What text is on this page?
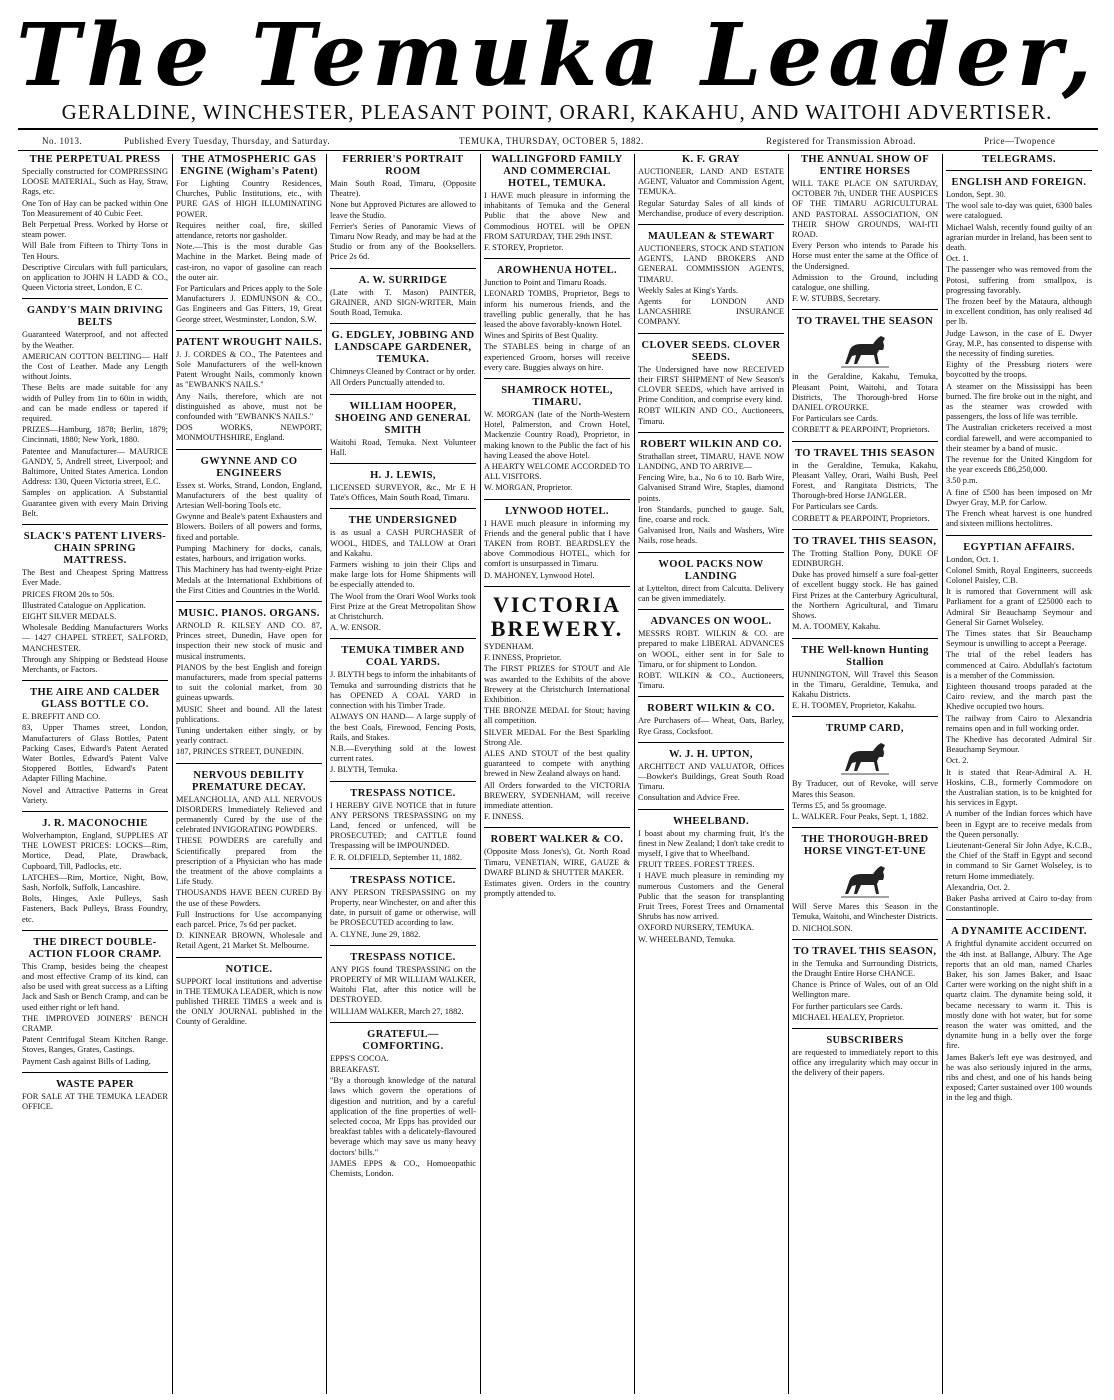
The Temuka Leader,
GERALDINE, WINCHESTER, PLEASANT POINT, ORARI, KAKAHU, AND WAITOHI ADVERTISER.
No. 1013.	Published Every Tuesday, Thursday, and Saturday.	TEMUKA, THURSDAY, OCTOBER 5, 1882.	Registered for Transmission Abroad.	Price—Twopence
THE PERPETUAL PRESS

Specially constructed for COMPRESSING LOOSE MATERIAL, Such as Hay, Straw, Rags, etc.

One Ton of Hay can be packed within One Ton Measurement of 40 Cubic Feet.

Belt Perpetual Press. Worked by Horse or steam power.

Will Bale from Fifteen to Thirty Tons in Ten Hours.

Descriptive Circulars with full particulars, on application to JOHN H LADD & CO., Queen Victoria street, London, E C.

GANDY'S MAIN DRIVING BELTS

Guaranteed Waterproof, and not affected by the Weather.

AMERICAN COTTON BELTING— Half the Cost of Leather. Made any Length without Joints.

These Belts are made suitable for any width of Pulley from 1in to 60in in width, and can be made endless or tapered if required.

PRIZES—Hamburg, 1878; Berlin, 1879; Cincinnati, 1880; New York, 1880.

Patentee and Manufacturer— MAURICE GANDY, 5, Andrell street, Liverpool; and Baltimore, United States America. London Address: 130, Queen Victoria street, E.C.

Samples on application. A Substantial Guarantee given with every Main Driving Belt.

SLACK'S PATENT LIVERS-CHAIN SPRING MATTRESS.

The Best and Cheapest Spring Mattress Ever Made.

PRICES FROM 20s to 50s.

Illustrated Catalogue on Application.

EIGHT SILVER MEDALS.

Wholesale Bedding Manufacturers Works— 1427 CHAPEL STREET, SALFORD, MANCHESTER.

Through any Shipping or Bedstead House Merchants, or Factors.

THE AIRE AND CALDER GLASS BOTTLE CO.

E. BREFFIT AND CO.

83, Upper Thames street, London, Manufacturers of Glass Bottles, Patent Packing Cases, Edward's Patent Aerated Water Bottles, Edward's Patent Valve Stoppered Bottles, Edward's Patent Adapter Filling Machine.

Novel and Attractive Patterns in Great Variety.

J. R. MACONOCHIE

Wolverhampton, England, SUPPLIES AT THE LOWEST PRICES: LOCKS—Rim, Mortice, Dead, Plate, Drawback, Cupboard, Till, Padlocks, etc.

LATCHES—Rim, Mortice, Night, Bow, Sash, Norfolk, Suffolk, Lancashire.

Bolts, Hinges, Axle Pulleys, Sash Fasteners, Back Pulleys, Brass Foundry, etc.

THE DIRECT DOUBLE-ACTION FLOOR CRAMP.

This Cramp, besides being the cheapest and most effective Cramp of its kind, can also be used with great success as a Lifting Jack and Sash or Bench Cramp, and can be used either right or left hand.

THE IMPROVED JOINERS' BENCH CRAMP.

Patent Centrifugal Steam Kitchen Range. Stoves, Ranges, Grates, Castings.

Payment Cash against Bills of Lading.

WASTE PAPER

FOR SALE AT THE TEMUKA LEADER OFFICE.

THE ATMOSPHERIC GAS ENGINE (Wigham's Patent)

For Lighting Country Residences, Churches, Public Institutions, etc., with PURE GAS of HIGH ILLUMINATING POWER.

Requires neither coal, fire, skilled attendance, retorts nor gasholder.

Note.—This is the most durable Gas Machine in the Market. Being made of cast-iron, no vapor of gasoline can reach the outer air.

For Particulars and Prices apply to the Sole Manufacturers J. EDMUNSON & CO., Gas Engineers and Gas Fitters, 19, Great George street, Westminster, London, S.W.

PATENT WROUGHT NAILS.

J. J. CORDES & CO., The Patentees and Sole Manufacturers of the well-known Patent Wrought Nails, commonly known as "EWBANK'S NAILS."

Any Nails, therefore, which are not distinguished as above, must not be confounded with "EWBANK'S NAILS."

DOS WORKS, NEWPORT, MONMOUTHSHIRE, England.

GWYNNE AND CO ENGINEERS

Essex st. Works, Strand, London, England, Manufacturers of the best quality of Artesian Well-boring Tools etc.

Gwynne and Beale's patent Exhausters and Blowers. Boilers of all powers and forms, fixed and portable.

Pumping Machinery for docks, canals, estates, harbours, and irrigation works.

This Machinery has had twenty-eight Prize Medals at the International Exhibitions of the First Cities and Countries in the World.

MUSIC. PIANOS. ORGANS.

ARNOLD R. KILSEY AND CO. 87, Princes street, Dunedin, Have open for inspection their new stock of music and musical instruments.

PIANOS by the best English and foreign manufacturers, made from special patterns to suit the colonial market, from 30 guineas upwards.

MUSIC Sheet and bound. All the latest publications.

Tuning undertaken either singly, or by yearly contract.

187, PRINCES STREET, DUNEDIN.

NERVOUS DEBILITY PREMATURE DECAY.

MELANCHOLIA, AND ALL NERVOUS DISORDERS Immediately Relieved and permanently Cured by the use of the celebrated INVIGORATING POWDERS.

THESE POWDERS are carefully and Scientifically prepared from the prescription of a Physician who has made the treatment of the above complaints a Life Study.

THOUSANDS HAVE BEEN CURED By the use of these Powders.

Full Instructions for Use accompanying each parcel. Price, 7s 6d per packet.

D. KINNEAR BROWN, Wholesale and Retail Agent, 21 Market St. Melbourne.

NOTICE.

SUPPORT local institutions and advertise in THE TEMUKA LEADER, which is now published THREE TIMES a week and is the ONLY JOURNAL published in the County of Geraldine.

FERRIER'S PORTRAIT ROOM

Main South Road, Timaru, (Opposite Theatre).

None but Approved Pictures are allowed to leave the Studio.

Ferrier's Series of Panoramic Views of Timaru Now Ready, and may be had at the Studio or from any of the Booksellers. Price 2s 6d.

A. W. SURRIDGE

(Late with T. Mason) PAINTER, GRAINER, AND SIGN-WRITER, Main South Road, Temuka.

G. EDGLEY, JOBBING AND LANDSCAPE GARDENER, TEMUKA.

Chimneys Cleaned by Contract or by order.

All Orders Punctually attended to.

WILLIAM HOOPER, SHOEING AND GENERAL SMITH

Waitohi Road, Temuka. Next Volunteer Hall.

H. J. LEWIS,

LICENSED SURVEYOR, &c., Mr E H Tate's Offices, Main South Road, Timaru.

THE UNDERSIGNED

is as usual a CASH PURCHASER of WOOL, HIDES, and TALLOW at Orari and Kakahu.

Farmers wishing to join their Clips and make large lots for Home Shipments will be especially attended to.

The Wool from the Orari Wool Works took First Prize at the Great Metropolitan Show at Christchurch.

A. W. ENSOR.

TEMUKA TIMBER AND COAL YARDS.

J. BLYTH begs to inform the inhabitants of Temuka and surrounding districts that he has OPENED A COAL YARD in connection with his Timber Trade.

ALWAYS ON HAND— A large supply of the best Coals, Firewood, Fencing Posts, Rails, and Stakes.

N.B.—Everything sold at the lowest current rates.

J. BLYTH, Temuka.

TRESPASS NOTICE.

I HEREBY GIVE NOTICE that in future ANY PERSONS TRESPASSING on my Land, fenced or unfenced, will be PROSECUTED; and CATTLE found Trespassing will be IMPOUNDED.

F. R. OLDFIELD, September 11, 1882.

TRESPASS NOTICE.

ANY PERSON TRESPASSING on my Property, near Winchester, on and after this date, in pursuit of game or otherwise, will be PROSECUTED according to law.

A. CLYNE, June 29, 1882.

TRESPASS NOTICE.

ANY PIGS found TRESPASSING on the PROPERTY of MR WILLIAM WALKER, Waitohi Flat, after this notice will be DESTROYED.

WILLIAM WALKER, March 27, 1882.

GRATEFUL—COMFORTING.

EPPS'S COCOA.

BREAKFAST.

"By a thorough knowledge of the natural laws which govern the operations of digestion and nutrition, and by a careful application of the fine properties of well-selected cocoa, Mr Epps has provided our breakfast tables with a delicately-flavoured beverage which may save us many heavy doctors' bills."

JAMES EPPS & CO., Homoeopathic Chemists, London.

WALLINGFORD FAMILY AND COMMERCIAL HOTEL, TEMUKA.

I HAVE much pleasure in informing the inhabitants of Temuka and the General Public that the above New and Commodious HOTEL will be OPEN FROM SATURDAY, THE 29th INST.

F. STOREY, Proprietor.

AROWHENUA HOTEL.

Junction to Point and Timaru Roads.

LEONARD TOMBS, Proprietor, Begs to inform his numerous friends, and the travelling public generally, that he has leased the above favorably-known Hotel.

Wines and Spirits of Best Quality.

The STABLES being in charge of an experienced Groom, horses will receive every care. Buggies always on hire.

SHAMROCK HOTEL, TIMARU.

W. MORGAN (late of the North-Western Hotel, Palmerston, and Crown Hotel, Mackenzie Country Road), Proprietor, in making known to the Public the fact of his having Leased the above Hotel.

A HEARTY WELCOME ACCORDED TO ALL VISITORS.

W. MORGAN, Proprietor.

LYNWOOD HOTEL.

I HAVE much pleasure in informing my Friends and the general public that I have TAKEN from ROBT. BEARDSLEY the above Commodious HOTEL, which for comfort is unsurpassed in Timaru.

D. MAHONEY, Lynwood Hotel.

VICTORIA BREWERY.

SYDENHAM.

F. INNESS, Proprietor.

The FIRST PRIZES for STOUT and Ale was awarded to the Exhibits of the above Brewery at the Christchurch International Exhibition.

THE BRONZE MEDAL for Stout; having all competition.

SILVER MEDAL For the Best Sparkling Strong Ale.

ALES AND STOUT of the best quality guaranteed to compete with anything brewed in New Zealand always on hand.

All Orders forwarded to the VICTORIA BREWERY, SYDENHAM, will receive immediate attention.

F. INNESS.

ROBERT WALKER & CO.

(Opposite Moss Jones's), Gt. North Road Timaru, VENETIAN, WIRE, GAUZE & DWARF BLIND & SHUTTER MAKER.

Estimates given. Orders in the country promptly attended to.

K. F. GRAY

AUCTIONEER, LAND AND ESTATE AGENT, Valuator and Commission Agent, TEMUKA.

Regular Saturday Sales of all kinds of Merchandise, produce of every description.

MAULEAN & STEWART

AUCTIONEERS, STOCK AND STATION AGENTS, LAND BROKERS AND GENERAL COMMISSION AGENTS, TIMARU.

Weekly Sales at King's Yards.

Agents for LONDON AND LANCASHIRE INSURANCE COMPANY.

CLOVER SEEDS. CLOVER SEEDS.

The Undersigned have now RECEIVED their FIRST SHIPMENT of New Season's CLOVER SEEDS, which have arrived in Prime Condition, and comprise every kind.

ROBT WILKIN AND CO., Auctioneers, Timaru.

ROBERT WILKIN AND CO.

Strathallan street, TIMARU, HAVE NOW LANDING, AND TO ARRIVE—

Fencing Wire, b.a., No 6 to 10. Barb Wire, Galvanised Strand Wire, Staples, diamond points.

Iron Standards, punched to gauge. Salt, fine, coarse and rock.

Galvanised Iron, Nails and Washers, Wire Nails, rose heads.

WOOL PACKS NOW LANDING

at Lyttelton, direct from Calcutta. Delivery can be given immediately.

ADVANCES ON WOOL.

MESSRS ROBT. WILKIN & CO. are prepared to make LIBERAL ADVANCES on WOOL, either sent in for Sale to Timaru, or for shipment to London.

ROBT. WILKIN & CO., Auctioneers, Timaru.

ROBERT WILKIN & CO.

Are Purchasers of— Wheat, Oats, Barley, Rye Grass, Cocksfoot.

W. J. H. UPTON,

ARCHITECT AND VALUATOR, Offices—Bowker's Buildings, Great South Road Timaru.

Consultation and Advice Free.

WHEELBAND.

I boast about my charming fruit, It's the finest in New Zealand; I don't take credit to myself, I give that to Wheelband.

FRUIT TREES. FOREST TREES.

I HAVE much pleasure in reminding my numerous Customers and the General Public that the season for transplanting Fruit Trees, Forest Trees and Ornamental Shrubs has now arrived.

OXFORD NURSERY, TEMUKA.

W. WHEELBAND, Temuka.

THE ANNUAL SHOW OF ENTIRE HORSES

WILL TAKE PLACE ON SATURDAY, OCTOBER 7th, UNDER THE AUSPICES OF THE TIMARU AGRICULTURAL AND PASTORAL ASSOCIATION, ON THEIR SHOW GROUNDS, WAI-ITI ROAD.

Every Person who intends to Parade his Horse must enter the same at the Office of the Undersigned.

Admission to the Ground, including catalogue, one shilling.

F. W. STUBBS, Secretary.

TO TRAVEL THE SEASON

in the Geraldine, Kakahu, Temuka, Pleasant Point, Waitohi, and Totara Districts, The Thorough-bred Horse DANIEL O'ROURKE.

For Particulars see Cards.

CORBETT & PEARPOINT, Proprietors.

TO TRAVEL THIS SEASON

in the Geraldine, Temuka, Kakahu, Pleasant Valley, Orari, Waihi Bush, Peel Forest, and Rangitata Districts, The Thorough-bred Horse JANGLER.

For Particulars see Cards.

CORBETT & PEARPOINT, Proprietors.

TO TRAVEL THIS SEASON,

The Trotting Stallion Pony, DUKE OF EDINBURGH.

Duke has proved himself a sure foal-getter of excellent buggy stock. He has gained First Prizes at the Canterbury Agricultural, the Northern Agricultural, and Timaru Shows.

M. A. TOOMEY, Kakahu.

THE Well-known Hunting Stallion

HUNNINGTON, Will Travel this Season in the Timaru, Geraldine, Temuka, and Kakahu Districts.

E. H. TOOMEY, Proprietor, Kakahu.

TRUMP CARD,

By Traducer, out of Revoke, will serve Mares this Season.

Terms £5, and 5s groomage.

L. WALKER. Four Peaks, Sept. 1, 1882.

THE THOROUGH-BRED HORSE VINGT-ET-UNE

Will Serve Mares this Season in the Temuka, Waitohi, and Winchester Districts.

D. NICHOLSON.

TO TRAVEL THIS SEASON,

in the Temuka and Surrounding Districts, the Draught Entire Horse CHANCE.

Chance is Prince of Wales, out of an Old Wellington mare.

For further particulars see Cards.

MICHAEL HEALEY, Proprietor.

SUBSCRIBERS

are requested to immediately report to this office any irregularity which may occur in the delivery of their papers.

TELEGRAMS.
ENGLISH AND FOREIGN.

London, Sept. 30.

The wool sale to-day was quiet, 6300 bales were catalogued.

Michael Walsh, recently found guilty of an agrarian murder in Ireland, has been sent to death.

Oct. 1.

The passenger who was removed from the Potosi, suffering from smallpox, is progressing favorably.

The frozen beef by the Mataura, although in excellent condition, has only realised 4d per lb.

Judge Lawson, in the case of E. Dwyer Gray, M.P., has consented to dispense with the necessity of finding sureties.

Eighty of the Pressburg rioters were boycotted by the troops.

A steamer on the Mississippi has been burned. The fire broke out in the night, and as the steamer was crowded with passengers, the loss of life was terrible.

The Australian cricketers received a most cordial farewell, and were accompanied to their steamer by a band of music.

The revenue for the United Kingdom for the year exceeds £86,250,000.

3.50 p.m.

A fine of £500 has been imposed on Mr Dwyer Gray, M.P. for Carlow.

The French wheat harvest is one hundred and sixteen millions hectolitres.

EGYPTIAN AFFAIRS.

London, Oct. 1.

Colonel Smith, Royal Engineers, succeeds Colonel Paisley, C.B.

It is rumored that Government will ask Parliament for a grant of £25000 each to Admiral Sir Beauchamp Seymour and General Sir Garnet Wolseley.

The Times states that Sir Beauchamp Seymour is unwilling to accept a Peerage.

The trial of the rebel leaders has commenced at Cairo. Abdullah's factotum is a member of the Commission.

Eighteen thousand troops paraded at the Cairo review, and the march past the Khedive occupied two hours.

The railway from Cairo to Alexandria remains open and in full working order.

The Khedive has decorated Admiral Sir Beauchamp Seymour.

Oct. 2.

It is stated that Rear-Admiral A. H. Hoskins, C.B., formerly Commodore on the Australian station, is to be knighted for his services in Egypt.

A number of the Indian forces which have been in Egypt are to receive medals from the Queen personally.

Lieutenant-General Sir John Adye, K.C.B., the Chief of the Staff in Egypt and second in command to Sir Garnet Wolseley, is to return Home immediately.

Alexandria, Oct. 2.

Baker Pasha arrived at Cairo to-day from Constantinople.

A DYNAMITE ACCIDENT.

A frightful dynamite accident occurred on the 4th inst. at Ballange, Albury. The Age reports that an old man, named Charles Baker, his son James Baker, and Isaac Carter were working on the night shift in a quartz claim. The dynamite being sold, it became necessary to warm it. This is mostly done with hot water, but for some reason the water was omitted, and the dynamite hung in a belly over the forge fire.

James Baker's left eye was destroyed, and he was also seriously injured in the arms, ribs and chest, and one of his hands being exposed; Carter sustained over 100 wounds in the leg and thigh.
